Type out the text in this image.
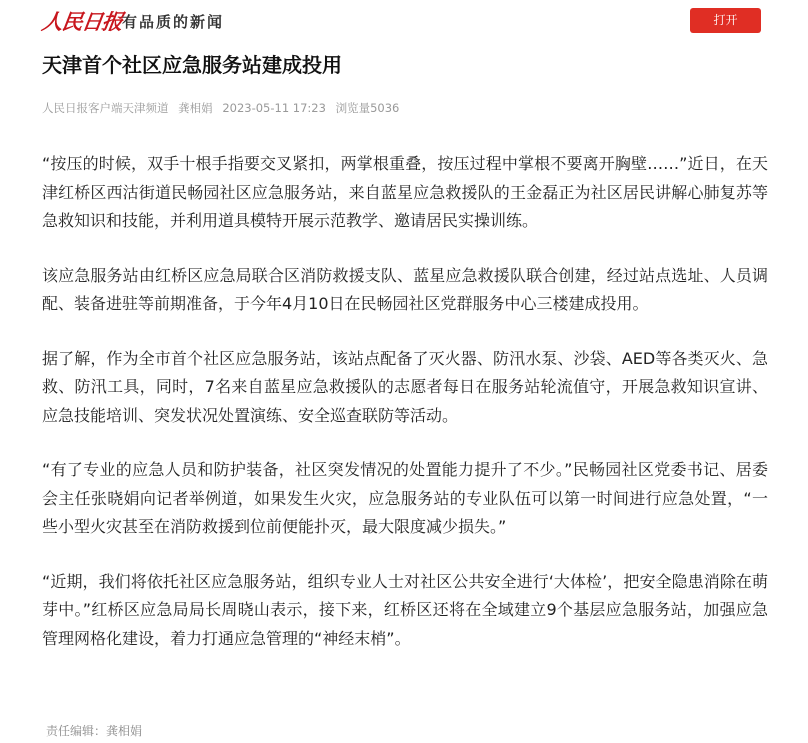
人民日报
有品质的新闻	打开
天津首个社区应急服务站建成投用
人民日报客户端天津频道 龚相娟 2023-05-11 17:23 浏览量5036

“按压的时候，双手十根手指要交叉紧扣，两掌根重叠，按压过程中掌根不要离开胸壁……”近日，在天津红桥区西沽街道民畅园社区应急服务站，来自蓝星应急救援队的王金磊正为社区居民讲解心肺复苏等急救知识和技能，并利用道具模特开展示范教学、邀请居民实操训练。

该应急服务站由红桥区应急局联合区消防救援支队、蓝星应急救援队联合创建，经过站点选址、人员调配、装备进驻等前期准备，于今年4月10日在民畅园社区党群服务中心三楼建成投用。

据了解，作为全市首个社区应急服务站，该站点配备了灭火器、防汛水泵、沙袋、AED等各类灭火、急救、防汛工具，同时，7名来自蓝星应急救援队的志愿者每日在服务站轮流值守，开展急救知识宣讲、应急技能培训、突发状况处置演练、安全巡查联防等活动。

“有了专业的应急人员和防护装备，社区突发情况的处置能力提升了不少。”民畅园社区党委书记、居委会主任张晓娟向记者举例道，如果发生火灾，应急服务站的专业队伍可以第一时间进行应急处置，“一些小型火灾甚至在消防救援到位前便能扑灭，最大限度减少损失。”

“近期，我们将依托社区应急服务站，组织专业人士对社区公共安全进行‘大体检’，把安全隐患消除在萌芽中。”红桥区应急局局长周晓山表示，接下来，红桥区还将在全域建立9个基层应急服务站，加强应急管理网格化建设，着力打通应急管理的“神经末梢”。

责任编辑：龚相娟
